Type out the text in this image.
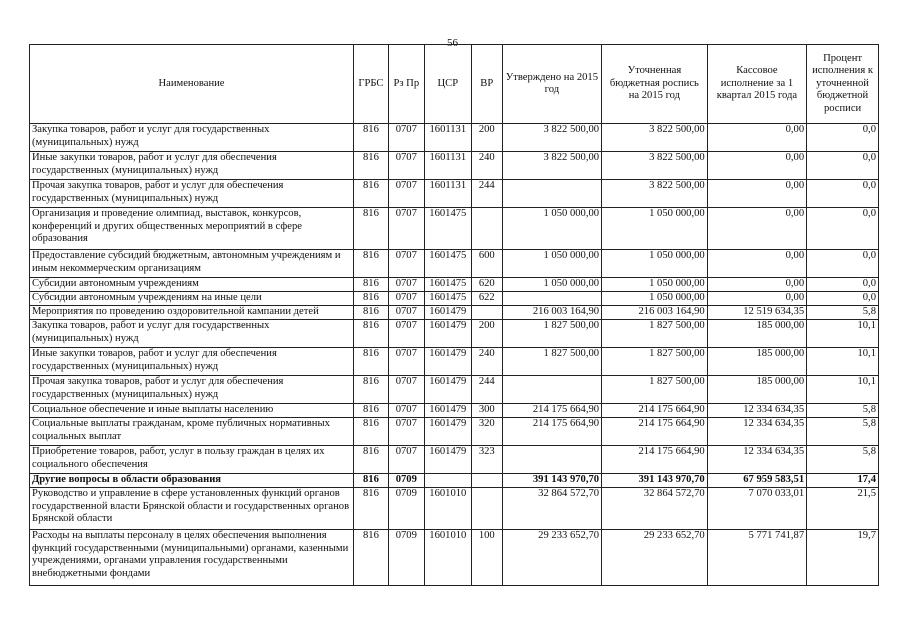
56
Наименование	ГРБС	Рз Пр	ЦСР	ВР	Утверждено на 2015 год	Уточненная бюджетная роспись на 2015 год	Кассовое исполнение за 1 квартал 2015 года	Процент исполнения к уточненной бюджетной росписи
Закупка товаров, работ и услуг для государственных (муниципальных) нужд	816	0707	1601131	200	3 822 500,00	3 822 500,00	0,00	0,0
Иные закупки товаров, работ и услуг для обеспечения государственных (муниципальных) нужд	816	0707	1601131	240	3 822 500,00	3 822 500,00	0,00	0,0
Прочая закупка товаров, работ и услуг для обеспечения государственных (муниципальных) нужд	816	0707	1601131	244		3 822 500,00	0,00	0,0
Организация и проведение олимпиад, выставок, конкурсов, конференций и других общественных мероприятий в сфере образования	816	0707	1601475		1 050 000,00	1 050 000,00	0,00	0,0
Предоставление субсидий бюджетным, автономным учреждениям и иным некоммерческим организациям	816	0707	1601475	600	1 050 000,00	1 050 000,00	0,00	0,0
Субсидии автономным учреждениям	816	0707	1601475	620	1 050 000,00	1 050 000,00	0,00	0,0
Субсидии автономным учреждениям на иные цели	816	0707	1601475	622		1 050 000,00	0,00	0,0
Мероприятия по проведению оздоровительной кампании детей	816	0707	1601479		216 003 164,90	216 003 164,90	12 519 634,35	5,8
Закупка товаров, работ и услуг для государственных (муниципальных) нужд	816	0707	1601479	200	1 827 500,00	1 827 500,00	185 000,00	10,1
Иные закупки товаров, работ и услуг для обеспечения государственных (муниципальных) нужд	816	0707	1601479	240	1 827 500,00	1 827 500,00	185 000,00	10,1
Прочая закупка товаров, работ и услуг для обеспечения государственных (муниципальных) нужд	816	0707	1601479	244		1 827 500,00	185 000,00	10,1
Социальное обеспечение и иные выплаты населению	816	0707	1601479	300	214 175 664,90	214 175 664,90	12 334 634,35	5,8
Социальные выплаты гражданам, кроме публичных нормативных социальных выплат	816	0707	1601479	320	214 175 664,90	214 175 664,90	12 334 634,35	5,8
Приобретение товаров, работ, услуг в пользу граждан в целях их социального обеспечения	816	0707	1601479	323		214 175 664,90	12 334 634,35	5,8
Другие вопросы в области образования	816	0709			391 143 970,70	391 143 970,70	67 959 583,51	17,4
Руководство и управление в сфере установленных функций органов государственной власти Брянской области и государственных органов Брянской области	816	0709	1601010		32 864 572,70	32 864 572,70	7 070 033,01	21,5
Расходы на выплаты персоналу в целях обеспечения выполнения функций государственными (муниципальными) органами, казенными учреждениями, органами управления государственными внебюджетными фондами	816	0709	1601010	100	29 233 652,70	29 233 652,70	5 771 741,87	19,7
